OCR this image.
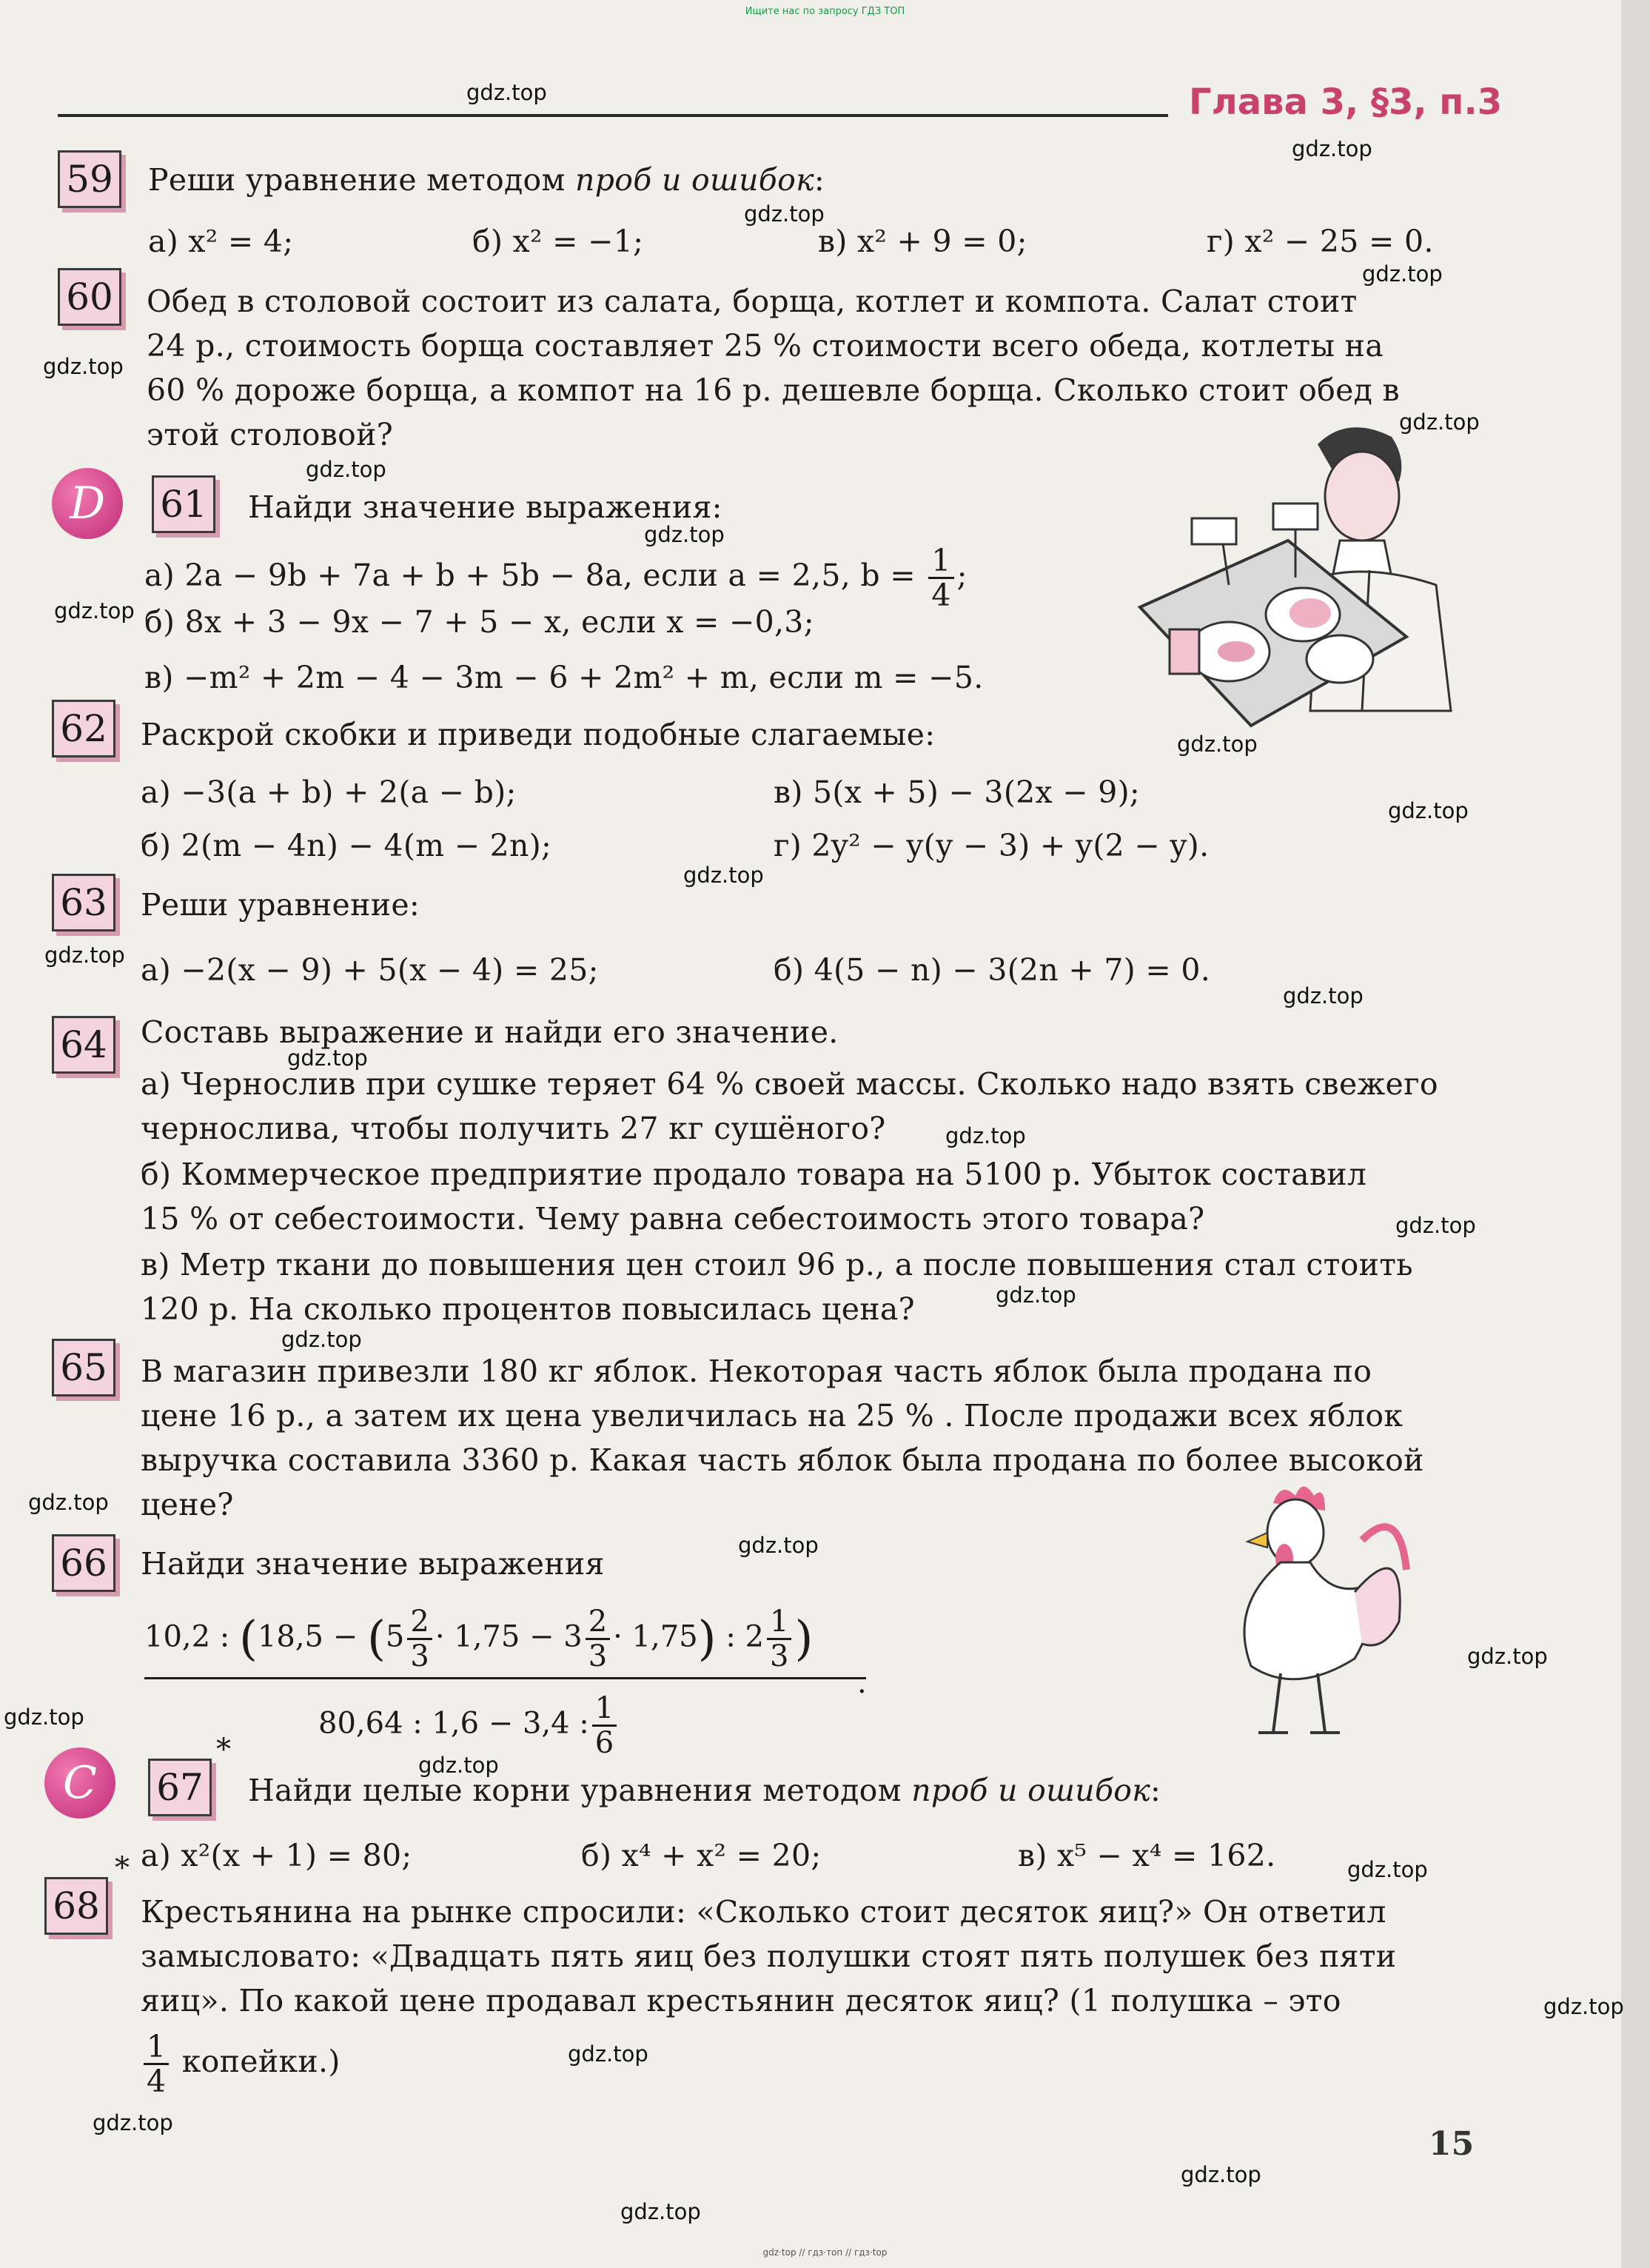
Ищите нас по запросу ГДЗ ТОП
Глава 3, §3, п.3
gdz.top
gdz.top
gdz.top
gdz.top
gdz.top
gdz.top
gdz.top
gdz.top
gdz.top
gdz.top
gdz.top
gdz.top
gdz.top
gdz.top
gdz.top
gdz.top
gdz.top
gdz.top
gdz.top
gdz.top
gdz.top
gdz.top
gdz.top
gdz.top
gdz.top
gdz.top
gdz.top
gdz.top
gdz.top
gdz.top
59 Реши уравнение методом проб и ошибок:
а) x² = 4;	б) x² = −1;	в) x² + 9 = 0;	г) x² − 25 = 0.
60 Обед в столовой состоит из салата, борща, котлет и компота. Салат стоит
24 р., стоимость борща составляет 25 % стоимости всего обеда, котлеты на
60 % дороже борща, а компот на 16 р. дешевле борща. Сколько стоит обед в
этой столовой?
D	61 Найди значение выражения:
а) 2a − 9b + 7a + b + 5b − 8a, если a = 2,5, $b = \frac{1}{4}$ ;
б) 8x + 3 − 9x − 7 + 5 − x, если x = −0,3;
в) −m² + 2m − 4 − 3m − 6 + 2m² + m, если m = −5.
62 Раскрой скобки и приведи подобные слагаемые:
а) −3(a + b) + 2(a − b);	в) 5(x + 5) − 3(2x − 9);
б) 2(m − 4n) − 4(m − 2n);	г) 2y² − y(y − 3) + y(2 − y).
63 Реши уравнение:
а) −2(x − 9) + 5(x − 4) = 25;	б) 4(5 − n) − 3(2n + 7) = 0.
64 Составь выражение и найди его значение.
а) Чернослив при сушке теряет 64 % своей массы. Сколько надо взять свежего
чернослива, чтобы получить 27 кг сушёного?
б) Коммерческое предприятие продало товара на 5100 р. Убыток составил
15 % от себестоимости. Чему равна себестоимость этого товара?
в) Метр ткани до повышения цен стоил 96 р., а после повышения стал стоить
120 р. На сколько процентов повысилась цена?
65 В магазин привезли 180 кг яблок. Некоторая часть яблок была продана по
цене 16 р., а затем их цена увеличилась на 25 % . После продажи всех яблок
выручка составила 3360 р. Какая часть яблок была продана по более высокой
цене?
66 Найди значение выражения
10,2 : ($18,5 - (5 \frac{2}{3} \cdot 1,75 - 3 \frac{2}{3} \cdot 1,75)$ : $2 \frac{1}{3}$ )
.
80,64 : 1,6 − 3,4 : $\frac{1}{6}$
C	67
*
Найди целые корни уравнения методом проб и ошибок:
а) x²(x + 1) = 80;	б) x⁴ + x² = 20;	в) x⁵ − x⁴ = 162.
*
68 Крестьянина на рынке спросили: «Сколько стоит десяток яиц?» Он ответил
замысловато: «Двадцать пять яиц без полушки стоят пять полушек без пяти
яиц». По какой цене продавал крестьянин десяток яиц? (1 полушка – это
$\frac{1}{4}$ копейки.)
15
gdz·top // гдз·топ // гдз·top
